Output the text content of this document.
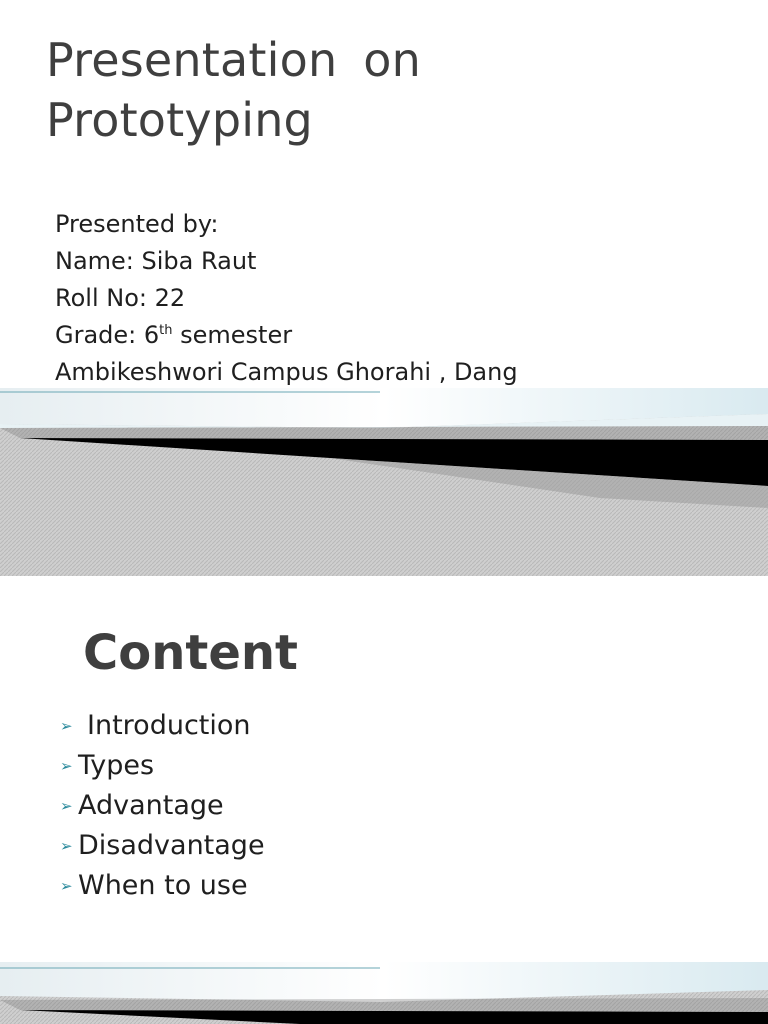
Presentation on
Prototyping
Presented by:
Name: Siba Raut
Roll No: 22
Grade: 6th semester
Ambikeshwori Campus Ghorahi , Dang
Content
➢ Introduction
➢ Types
➢ Advantage
➢ Disadvantage
➢ When to use
